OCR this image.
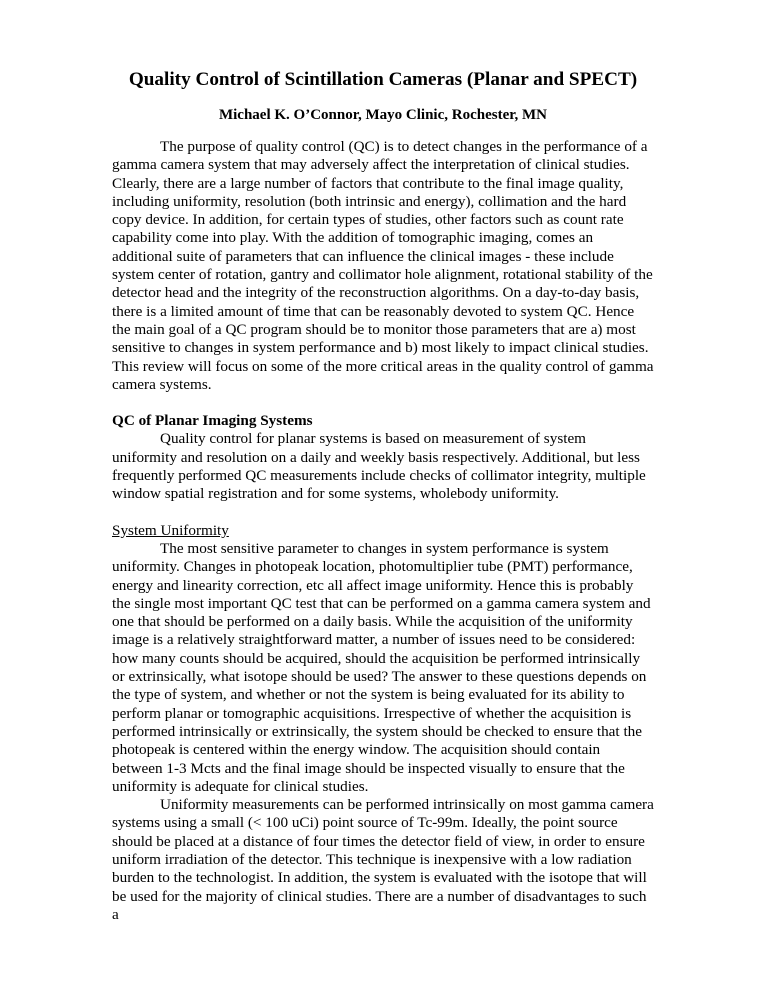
Quality Control of Scintillation Cameras (Planar and SPECT)
Michael K. O’Connor, Mayo Clinic, Rochester, MN

The purpose of quality control (QC) is to detect changes in the performance of a gamma camera system that may adversely affect the interpretation of clinical studies. Clearly, there are a large number of factors that contribute to the final image quality, including uniformity, resolution (both intrinsic and energy), collimation and the hard copy device. In addition, for certain types of studies, other factors such as count rate capability come into play. With the addition of tomographic imaging, comes an additional suite of parameters that can influence the clinical images - these include system center of rotation, gantry and collimator hole alignment, rotational stability of the detector head and the integrity of the reconstruction algorithms. On a day-to-day basis, there is a limited amount of time that can be reasonably devoted to system QC. Hence the main goal of a QC program should be to monitor those parameters that are a) most sensitive to changes in system performance and b) most likely to impact clinical studies. This review will focus on some of the more critical areas in the quality control of gamma camera systems.

QC of Planar Imaging Systems

Quality control for planar systems is based on measurement of system uniformity and resolution on a daily and weekly basis respectively. Additional, but less frequently performed QC measurements include checks of collimator integrity, multiple window spatial registration and for some systems, wholebody uniformity.

System Uniformity

The most sensitive parameter to changes in system performance is system uniformity. Changes in photopeak location, photomultiplier tube (PMT) performance, energy and linearity correction, etc all affect image uniformity. Hence this is probably the single most important QC test that can be performed on a gamma camera system and one that should be performed on a daily basis. While the acquisition of the uniformity image is a relatively straightforward matter, a number of issues need to be considered: how many counts should be acquired, should the acquisition be performed intrinsically or extrinsically, what isotope should be used? The answer to these questions depends on the type of system, and whether or not the system is being evaluated for its ability to perform planar or tomographic acquisitions. Irrespective of whether the acquisition is performed intrinsically or extrinsically, the system should be checked to ensure that the photopeak is centered within the energy window. The acquisition should contain between 1-3 Mcts and the final image should be inspected visually to ensure that the uniformity is adequate for clinical studies.

Uniformity measurements can be performed intrinsically on most gamma camera systems using a small (< 100 uCi) point source of Tc-99m. Ideally, the point source should be placed at a distance of four times the detector field of view, in order to ensure uniform irradiation of the detector. This technique is inexpensive with a low radiation burden to the technologist. In addition, the system is evaluated with the isotope that will be used for the majority of clinical studies. There are a number of disadvantages to such a
